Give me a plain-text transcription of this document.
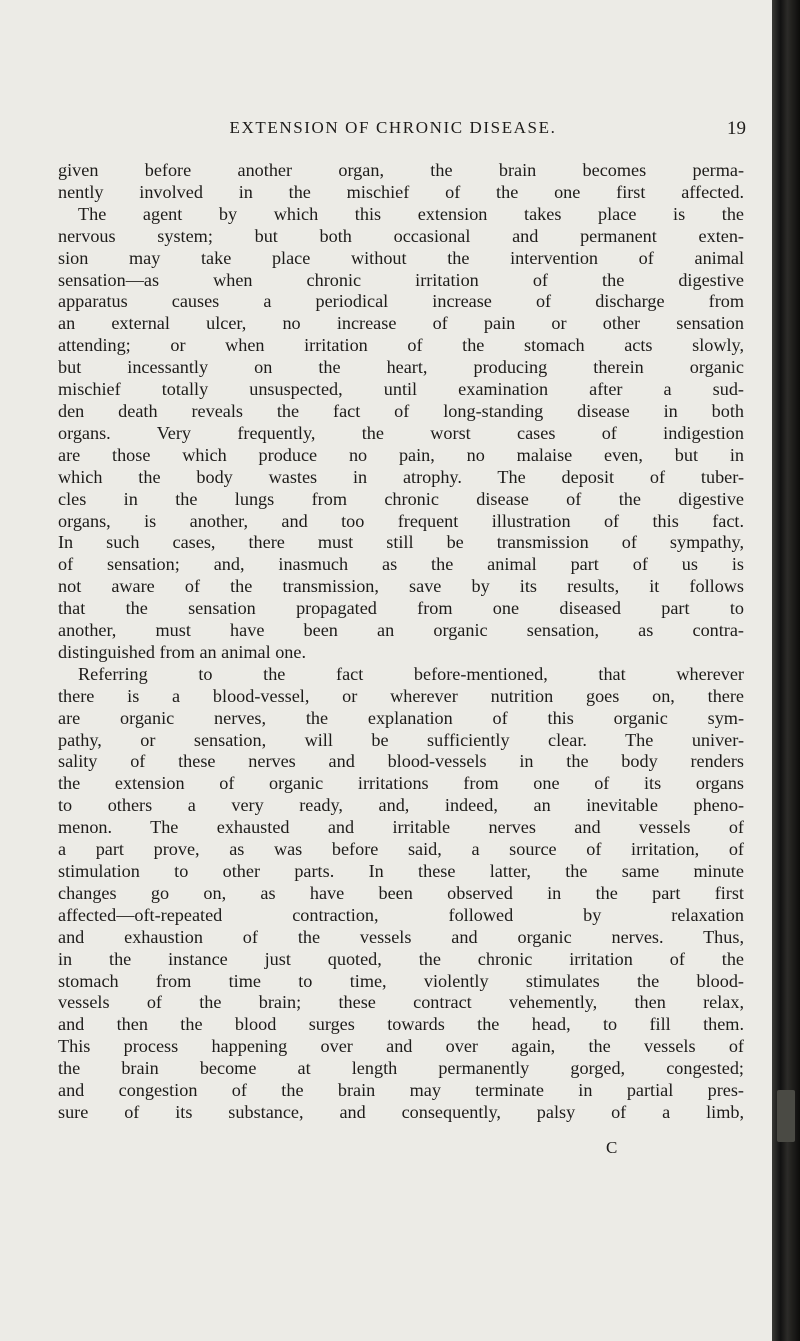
EXTENSION OF CHRONIC DISEASE.	19
given before another organ, the brain becomes perma-
nently involved in the mischief of the one first affected.
The agent by which this extension takes place is the
nervous system; but both occasional and permanent exten-
sion may take place without the intervention of animal
sensation—as when chronic irritation of the digestive
apparatus causes a periodical increase of discharge from
an external ulcer, no increase of pain or other sensation
attending; or when irritation of the stomach acts slowly,
but incessantly on the heart, producing therein organic
mischief totally unsuspected, until examination after a sud-
den death reveals the fact of long-standing disease in both
organs. Very frequently, the worst cases of indigestion
are those which produce no pain, no malaise even, but in
which the body wastes in atrophy. The deposit of tuber-
cles in the lungs from chronic disease of the digestive
organs, is another, and too frequent illustration of this fact.
In such cases, there must still be transmission of sympathy,
of sensation; and, inasmuch as the animal part of us is
not aware of the transmission, save by its results, it follows
that the sensation propagated from one diseased part to
another, must have been an organic sensation, as contra-
distinguished from an animal one.
Referring to the fact before-mentioned, that wherever
there is a blood-vessel, or wherever nutrition goes on, there
are organic nerves, the explanation of this organic sym-
pathy, or sensation, will be sufficiently clear. The univer-
sality of these nerves and blood-vessels in the body renders
the extension of organic irritations from one of its organs
to others a very ready, and, indeed, an inevitable pheno-
menon. The exhausted and irritable nerves and vessels of
a part prove, as was before said, a source of irritation, of
stimulation to other parts. In these latter, the same minute
changes go on, as have been observed in the part first
affected—oft-repeated contraction, followed by relaxation
and exhaustion of the vessels and organic nerves. Thus,
in the instance just quoted, the chronic irritation of the
stomach from time to time, violently stimulates the blood-
vessels of the brain; these contract vehemently, then relax,
and then the blood surges towards the head, to fill them.
This process happening over and over again, the vessels of
the brain become at length permanently gorged, congested;
and congestion of the brain may terminate in partial pres-
sure of its substance, and consequently, palsy of a limb,
C
